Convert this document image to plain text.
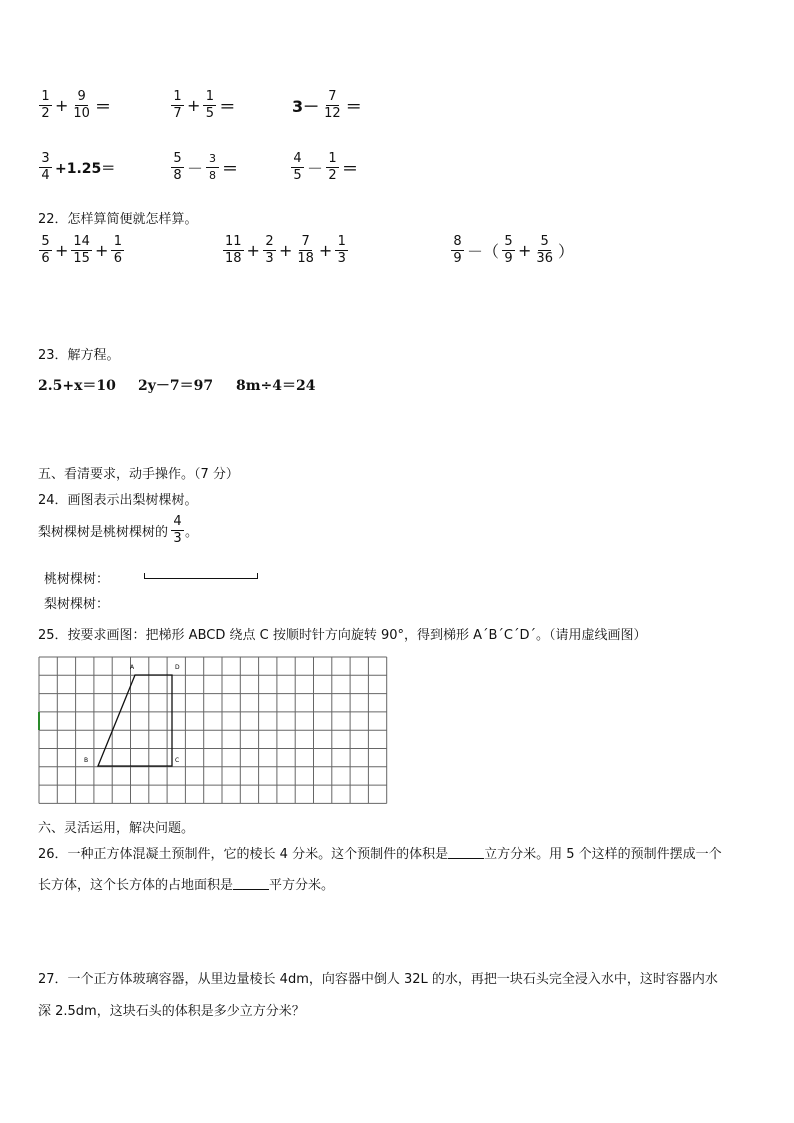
$\frac{1}{2} + \frac{9}{10}$ ＝	$\frac{1}{7} + \frac{1}{5}$ ＝	$3- \frac{7}{12}$ ＝
$\frac{3}{4} +1.25=$	$\frac{5}{8} - \frac{3}{8}$ ＝	$\frac{4}{5} - \frac{1}{2}$ ＝
22．怎样算简便就怎样算。
$\frac{5}{6} + \frac{14}{15} + \frac{1}{6}$	$\frac{11}{18} + \frac{2}{3} + \frac{7}{18} + \frac{1}{3}$	$\frac{8}{9}$ －（ $\frac{5}{9} + \frac{5}{36}$ ）
23．解方程。
2.5+x＝10 2y－7＝97 8m÷4＝24
五、看清要求，动手操作。（7 分）
24．画图表示出梨树棵树。
梨树棵树是桃树棵树的 $\frac{4}{3}$ 。
桃树棵树：
梨树棵树：
25．按要求画图：把梯形 ABCD 绕点 C 按顺时针方向旋转 90°，得到梯形 A´B´C´D´。（请用虚线画图）
A	D
B	C
六、灵活运用，解决问题。
26．一种正方体混凝土预制件，它的棱长 4 分米。这个预制件的体积是	立方分米。用 5 个这样的预制件摆成一个
长方体，这个长方体的占地面积是	平方分米。
27．一个正方体玻璃容器，从里边量棱长 4dm，向容器中倒人 32L 的水，再把一块石头完全浸入水中，这时容器内水
深 2.5dm，这块石头的体积是多少立方分米？
